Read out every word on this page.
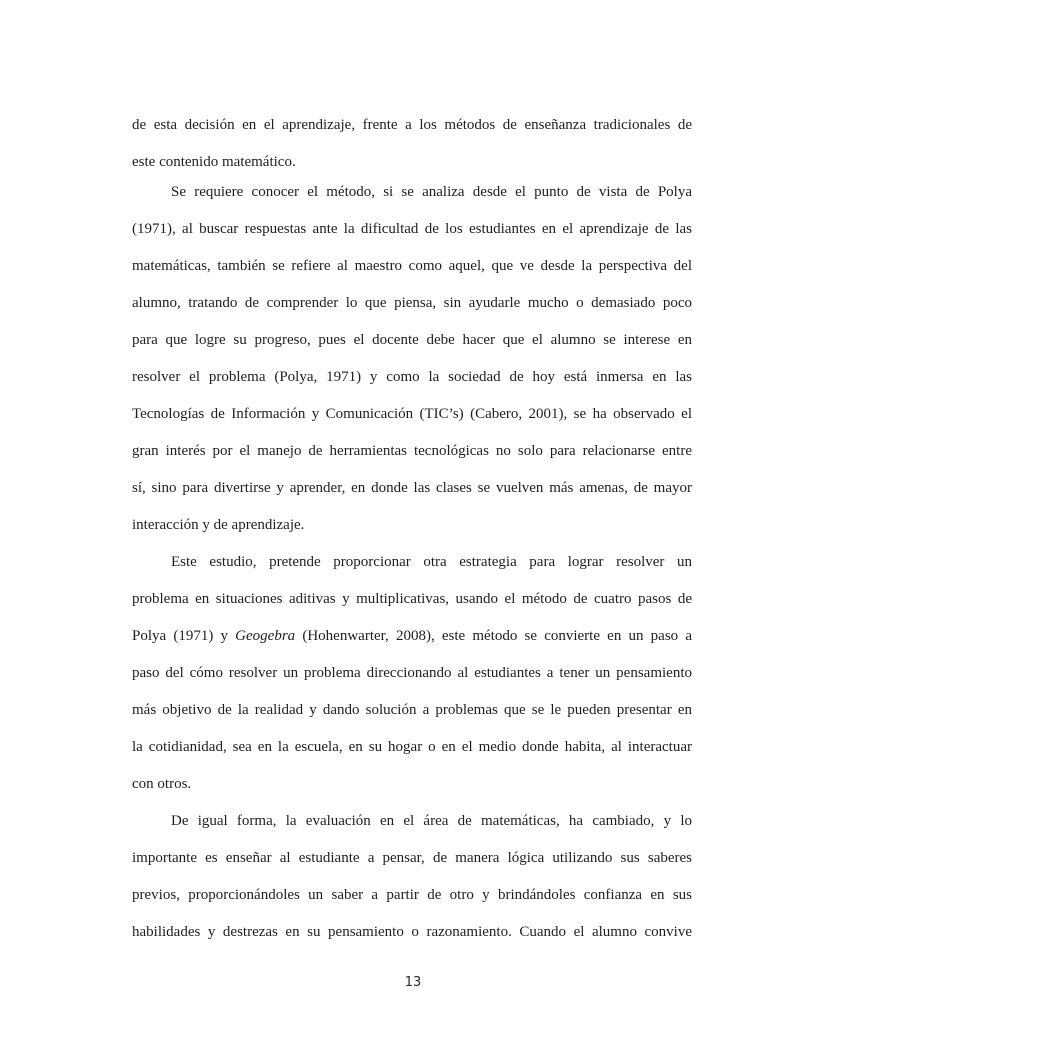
de esta decisión en el aprendizaje, frente a los métodos de enseñanza tradicionales de
este contenido matemático.
Se requiere conocer el método, si se analiza desde el punto de vista de Polya
(1971), al buscar respuestas ante la dificultad de los estudiantes en el aprendizaje de las
matemáticas, también se refiere al maestro como aquel, que ve desde la perspectiva del
alumno, tratando de comprender lo que piensa, sin ayudarle mucho o demasiado poco
para que logre su progreso, pues el docente debe hacer que el alumno se interese en
resolver el problema (Polya, 1971) y como la sociedad de hoy está inmersa en las
Tecnologías de Información y Comunicación (TIC’s) (Cabero, 2001), se ha observado el
gran interés por el manejo de herramientas tecnológicas no solo para relacionarse entre
sí, sino para divertirse y aprender, en donde las clases se vuelven más amenas, de mayor
interacción y de aprendizaje.
Este estudio, pretende proporcionar otra estrategia para lograr resolver un
problema en situaciones aditivas y multiplicativas, usando el método de cuatro pasos de
Polya (1971) y Geogebra (Hohenwarter, 2008), este método se convierte en un paso a
paso del cómo resolver un problema direccionando al estudiantes a tener un pensamiento
más objetivo de la realidad y dando solución a problemas que se le pueden presentar en
la cotidianidad, sea en la escuela, en su hogar o en el medio donde habita, al interactuar
con otros.
De igual forma, la evaluación en el área de matemáticas, ha cambiado, y lo
importante es enseñar al estudiante a pensar, de manera lógica utilizando sus saberes
previos, proporcionándoles un saber a partir de otro y brindándoles confianza en sus
habilidades y destrezas en su pensamiento o razonamiento. Cuando el alumno convive
13
